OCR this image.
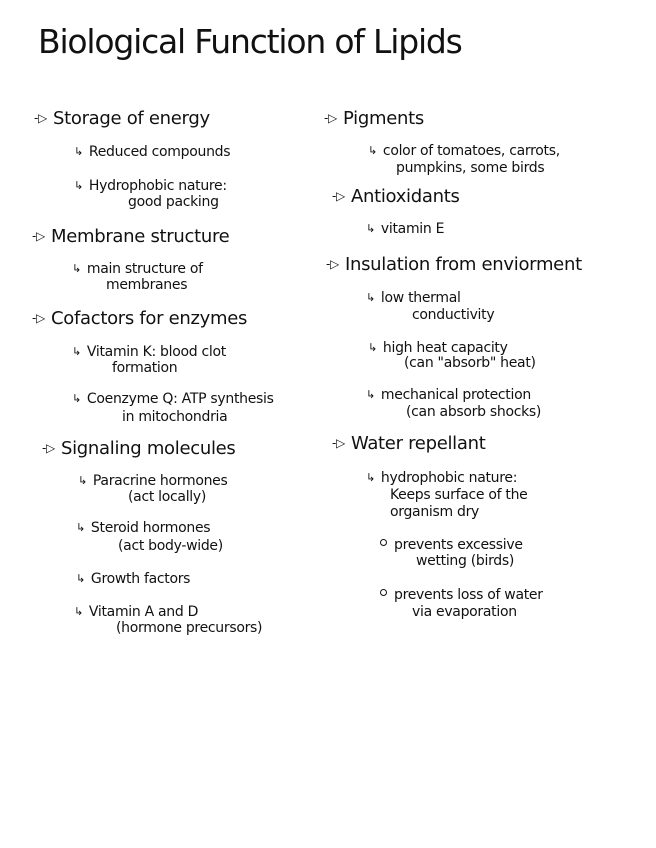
Biological Function of Lipids
-▷ Storage of energy
↳ Reduced compounds
↳ Hydrophobic nature:
good packing
-▷ Membrane structure
↳ main structure of
membranes
-▷ Cofactors for enzymes
↳ Vitamin K: blood clot
formation
↳ Coenzyme Q: ATP synthesis
in mitochondria
-▷ Signaling molecules
↳ Paracrine hormones
(act locally)
↳ Steroid hormones
(act body-wide)
↳ Growth factors
↳ Vitamin A and D
(hormone precursors)
-▷ Pigments
↳ color of tomatoes, carrots,
pumpkins, some birds
-▷ Antioxidants
↳ vitamin E
-▷ Insulation from enviorment
↳ low thermal
conductivity
↳ high heat capacity
(can "absorb" heat)
↳ mechanical protection
(can absorb shocks)
-▷ Water repellant
↳ hydrophobic nature:
Keeps surface of the
organism dry
prevents excessive
wetting (birds)
prevents loss of water
via evaporation
